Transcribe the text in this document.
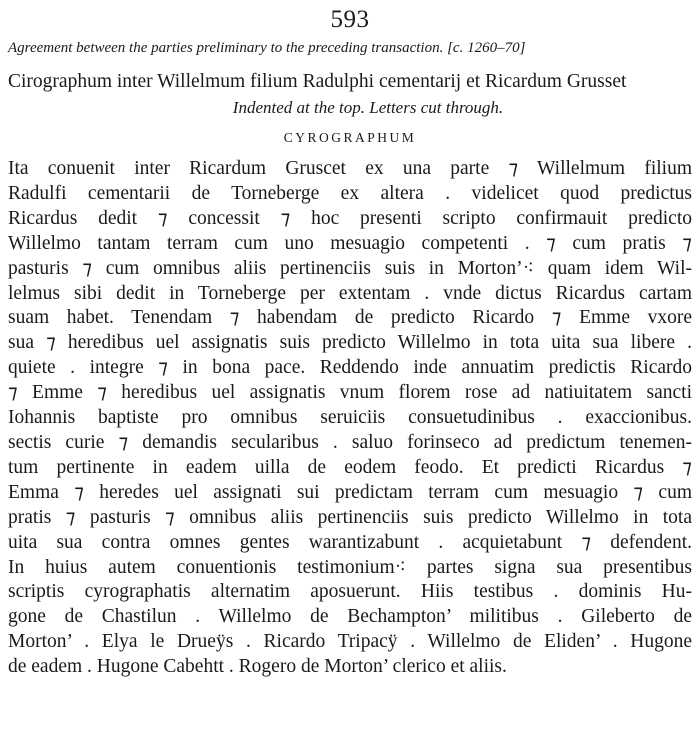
593
Agreement between the parties preliminary to the preceding transaction. [c. 1260–70]
Cirographum inter Willelmum filium Radulphi cementarij et Ricardum Grusset
Indented at the top. Letters cut through.
CYROGRAPHUM
Ita conuenit inter Ricardum Gruscet ex una parte ⁊ Willelmum filium
Radulfi cementarii de Torneberge ex altera . videlicet quod predictus
Ricardus dedit ⁊ concessit ⁊ hoc presenti scripto confirmauit predicto
Willelmo tantam terram cum uno mesuagio competenti . ⁊ cum pratis ⁊
pasturis ⁊ cum omnibus aliis pertinenciis suis in Morton’⁖ quam idem Wil-
lelmus sibi dedit in Torneberge per extentam . vnde dictus Ricardus cartam
suam habet. Tenendam ⁊ habendam de predicto Ricardo ⁊ Emme vxore
sua ⁊ heredibus uel assignatis suis predicto Willelmo in tota uita sua libere .
quiete . integre ⁊ in bona pace. Reddendo inde annuatim predictis Ricardo
⁊ Emme ⁊ heredibus uel assignatis vnum florem rose ad natiuitatem sancti
Iohannis baptiste pro omnibus seruiciis consuetudinibus . exaccionibus.
sectis curie ⁊ demandis secularibus . saluo forinseco ad predictum tenemen-
tum pertinente in eadem uilla de eodem feodo. Et predicti Ricardus ⁊
Emma ⁊ heredes uel assignati sui predictam terram cum mesuagio ⁊ cum
pratis ⁊ pasturis ⁊ omnibus aliis pertinenciis suis predicto Willelmo in tota
uita sua contra omnes gentes warantizabunt . acquietabunt ⁊ defendent.
In huius autem conuentionis testimonium⁖ partes signa sua presentibus
scriptis cyrographatis alternatim aposuerunt. Hiis testibus . dominis Hu-
gone de Chastilun . Willelmo de Bechampton’ militibus . Gileberto de
Morton’ . Elya le Drueÿs . Ricardo Tripacÿ . Willelmo de Eliden’ . Hugone
de eadem . Hugone Cabehtt . Rogero de Morton’ clerico et aliis.
